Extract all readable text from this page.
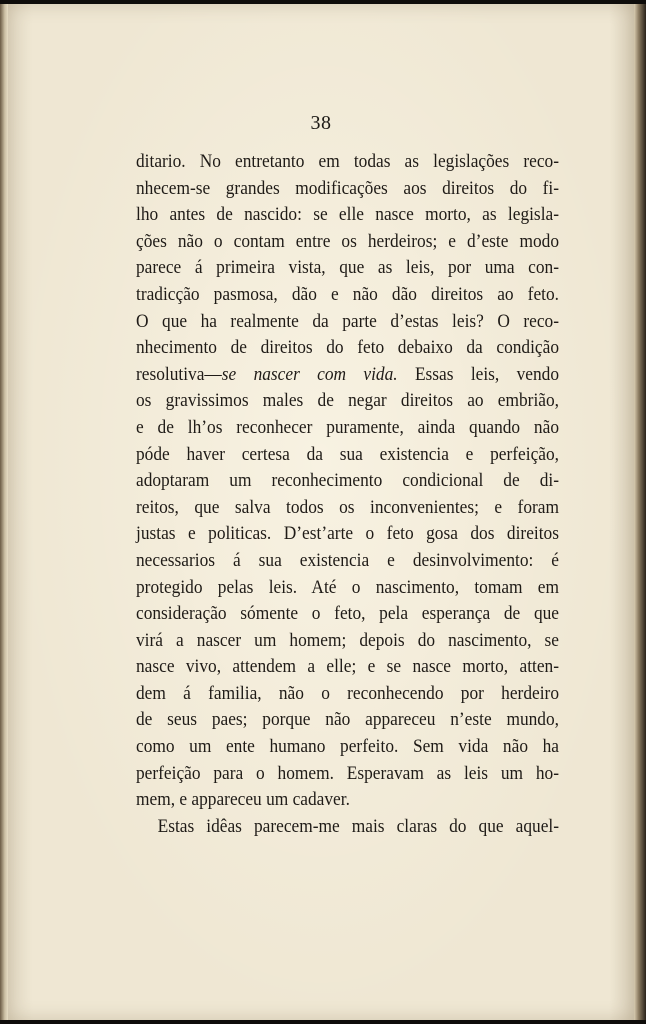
38
ditario. No entretanto em todas as legislações reco-
nhecem-se grandes modificações aos direitos do fi-
lho antes de nascido: se elle nasce morto, as legisla-
ções não o contam entre os herdeiros; e d’este modo
parece á primeira vista, que as leis, por uma con-
tradicção pasmosa, dão e não dão direitos ao feto.
O que ha realmente da parte d’estas leis? O reco-
nhecimento de direitos do feto debaixo da condição
resolutiva—se nascer com vida. Essas leis, vendo
os gravissimos males de negar direitos ao embrião,
e de lh’os reconhecer puramente, ainda quando não
póde haver certesa da sua existencia e perfeição,
adoptaram um reconhecimento condicional de di-
reitos, que salva todos os inconvenientes; e foram
justas e politicas. D’est’arte o feto gosa dos direitos
necessarios á sua existencia e desinvolvimento: é
protegido pelas leis. Até o nascimento, tomam em
consideração sómente o feto, pela esperança de que
virá a nascer um homem; depois do nascimento, se
nasce vivo, attendem a elle; e se nasce morto, atten-
dem á familia, não o reconhecendo por herdeiro
de seus paes; porque não appareceu n’este mundo,
como um ente humano perfeito. Sem vida não ha
perfeição para o homem. Esperavam as leis um ho-
mem, e appareceu um cadaver.
Estas idêas parecem-me mais claras do que aquel-
